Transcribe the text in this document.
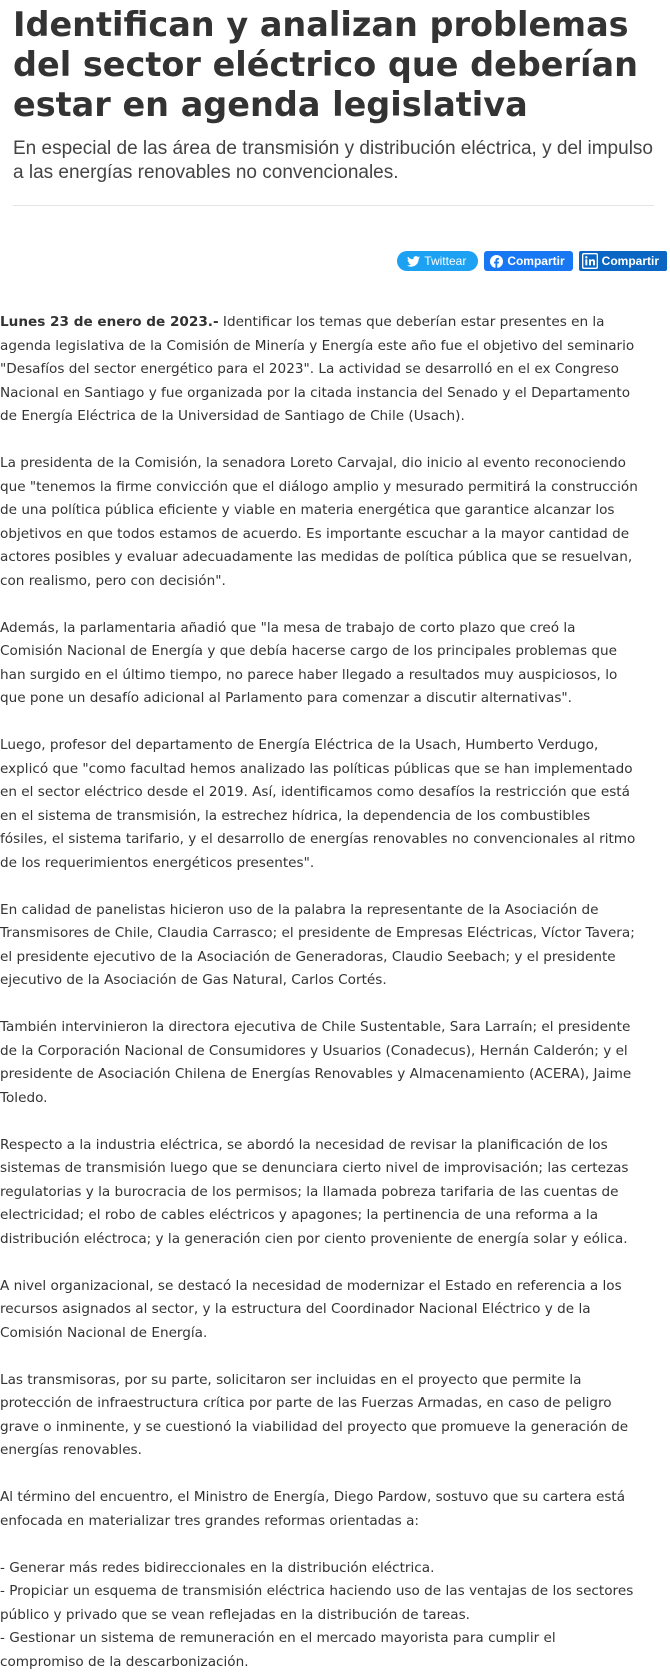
Identifican y analizan problemas del sector eléctrico que deberían estar en agenda legislativa
En especial de las área de transmisión y distribución eléctrica, y del impulso a las energías renovables no convencionales.
Twittear	Compartir	Compartir

Lunes 23 de enero de 2023.- Identificar los temas que deberían estar presentes en la agenda legislativa de la Comisión de Minería y Energía este año fue el objetivo del seminario "Desafíos del sector energético para el 2023". La actividad se desarrolló en el ex Congreso Nacional en Santiago y fue organizada por la citada instancia del Senado y el Departamento de Energía Eléctrica de la Universidad de Santiago de Chile (Usach).

La presidenta de la Comisión, la senadora Loreto Carvajal, dio inicio al evento reconociendo que "tenemos la firme convicción que el diálogo amplio y mesurado permitirá la construcción de una política pública eficiente y viable en materia energética que garantice alcanzar los objetivos en que todos estamos de acuerdo. Es importante escuchar a la mayor cantidad de actores posibles y evaluar adecuadamente las medidas de política pública que se resuelvan, con realismo, pero con decisión".

Además, la parlamentaria añadió que "la mesa de trabajo de corto plazo que creó la Comisión Nacional de Energía y que debía hacerse cargo de los principales problemas que han surgido en el último tiempo, no parece haber llegado a resultados muy auspiciosos, lo que pone un desafío adicional al Parlamento para comenzar a discutir alternativas".

Luego, profesor del departamento de Energía Eléctrica de la Usach, Humberto Verdugo, explicó que "como facultad hemos analizado las políticas públicas que se han implementado en el sector eléctrico desde el 2019. Así, identificamos como desafíos la restricción que está en el sistema de transmisión, la estrechez hídrica, la dependencia de los combustibles fósiles, el sistema tarifario, y el desarrollo de energías renovables no convencionales al ritmo de los requerimientos energéticos presentes".

En calidad de panelistas hicieron uso de la palabra la representante de la Asociación de Transmisores de Chile, Claudia Carrasco; el presidente de Empresas Eléctricas, Víctor Tavera; el presidente ejecutivo de la Asociación de Generadoras, Claudio Seebach; y el presidente ejecutivo de la Asociación de Gas Natural, Carlos Cortés.

También intervinieron la directora ejecutiva de Chile Sustentable, Sara Larraín; el presidente de la Corporación Nacional de Consumidores y Usuarios (Conadecus), Hernán Calderón; y el presidente de Asociación Chilena de Energías Renovables y Almacenamiento (ACERA), Jaime Toledo.

Respecto a la industria eléctrica, se abordó la necesidad de revisar la planificación de los sistemas de transmisión luego que se denunciara cierto nivel de improvisación; las certezas regulatorias y la burocracia de los permisos; la llamada pobreza tarifaria de las cuentas de electricidad; el robo de cables eléctricos y apagones; la pertinencia de una reforma a la distribución eléctroca; y la generación cien por ciento proveniente de energía solar y eólica.

A nivel organizacional, se destacó la necesidad de modernizar el Estado en referencia a los recursos asignados al sector, y la estructura del Coordinador Nacional Eléctrico y de la Comisión Nacional de Energía.

Las transmisoras, por su parte, solicitaron ser incluidas en el proyecto que permite la protección de infraestructura crítica por parte de las Fuerzas Armadas, en caso de peligro grave o inminente, y se cuestionó la viabilidad del proyecto que promueve la generación de energías renovables.

Al término del encuentro, el Ministro de Energía, Diego Pardow, sostuvo que su cartera está enfocada en materializar tres grandes reformas orientadas a:

- Generar más redes bidireccionales en la distribución eléctrica.

- Propiciar un esquema de transmisión eléctrica haciendo uso de las ventajas de los sectores público y privado que se vean reflejadas en la distribución de tareas.

- Gestionar un sistema de remuneración en el mercado mayorista para cumplir el compromiso de la descarbonización.
